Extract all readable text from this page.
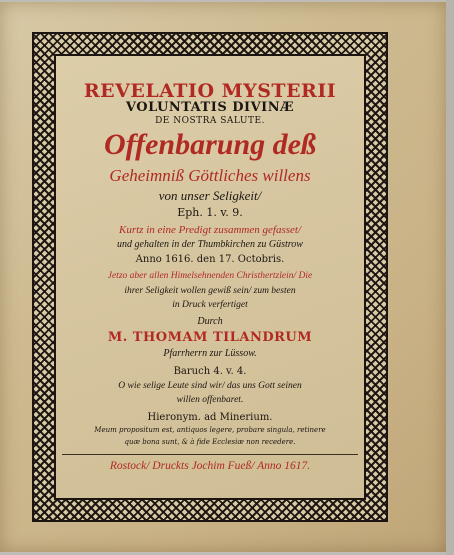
REVELATIO MYSTERII
VOLUNTATIS DIVINÆ
DE NOSTRA SALUTE.
Offenbarung deß
Geheimniß Göttliches willens
von unser Seligkeit/
Eph. 1. v. 9.
Kurtz in eine Predigt zusammen gefasset/
und gehalten in der Thumbkirchen zu Güstrow
Anno 1616. den 17. Octobris.
Jetzo aber allen Himelsehnenden Christhertzlein/ Die
ihrer Seligkeit wollen gewiß sein/ zum besten
in Druck verfertiget
Durch
M. THOMAM TILANDRUM
Pfarrherrn zur Lüssow.
Baruch 4. v. 4.
O wie selige Leute sind wir/ das uns Gott seinen
willen offenbaret.
Hieronym. ad Minerium.
Meum propositum est, antiquos legere, probare singula, retinere
quæ bona sunt, & à fide Ecclesiæ non recedere.
Rostock/ Druckts Jochim Fueß/ Anno 1617.
